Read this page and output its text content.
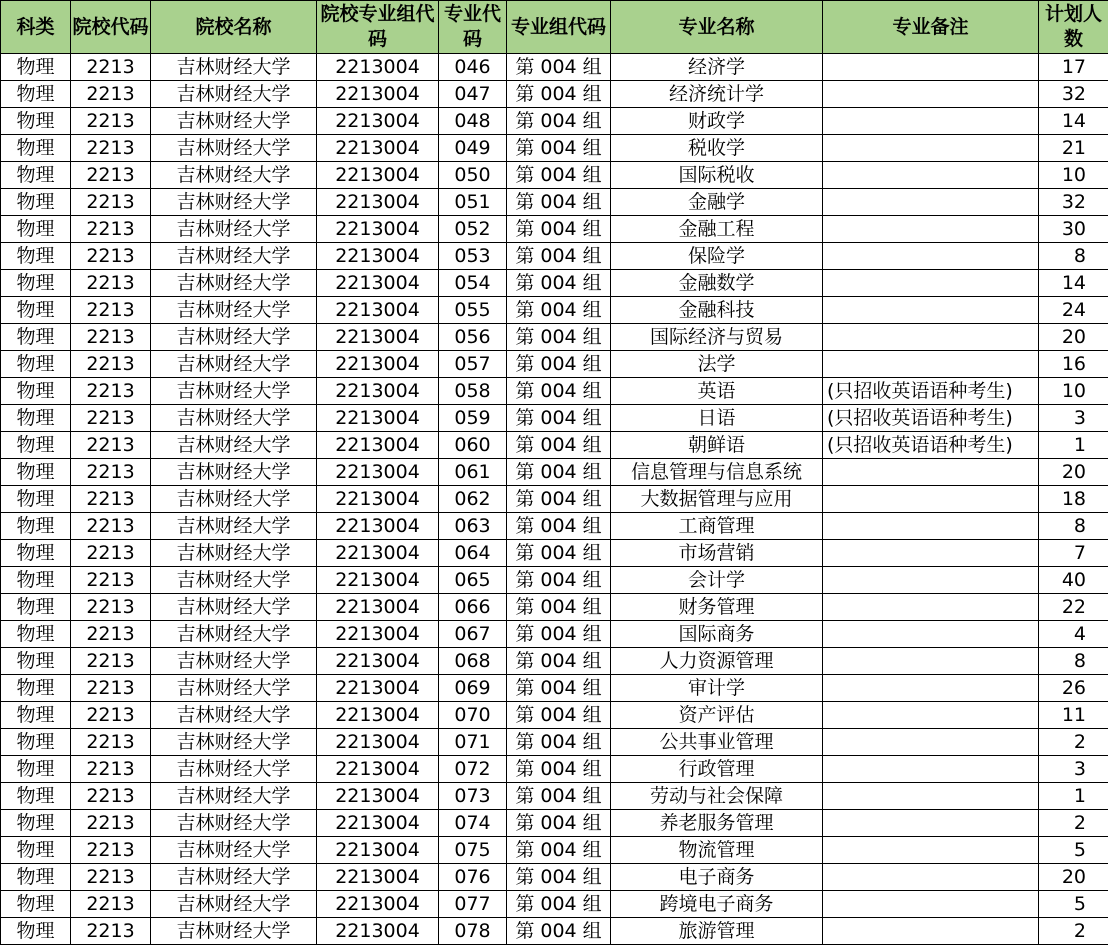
科类	院校代码	院校名称	院校专业组代码	专业代码	专业组代码	专业名称	专业备注	计划人数
物理	2213	吉林财经大学	2213004	046	第 004 组	经济学		17
物理	2213	吉林财经大学	2213004	047	第 004 组	经济统计学		32
物理	2213	吉林财经大学	2213004	048	第 004 组	财政学		14
物理	2213	吉林财经大学	2213004	049	第 004 组	税收学		21
物理	2213	吉林财经大学	2213004	050	第 004 组	国际税收		10
物理	2213	吉林财经大学	2213004	051	第 004 组	金融学		32
物理	2213	吉林财经大学	2213004	052	第 004 组	金融工程		30
物理	2213	吉林财经大学	2213004	053	第 004 组	保险学		8
物理	2213	吉林财经大学	2213004	054	第 004 组	金融数学		14
物理	2213	吉林财经大学	2213004	055	第 004 组	金融科技		24
物理	2213	吉林财经大学	2213004	056	第 004 组	国际经济与贸易		20
物理	2213	吉林财经大学	2213004	057	第 004 组	法学		16
物理	2213	吉林财经大学	2213004	058	第 004 组	英语	(只招收英语语种考生)	10
物理	2213	吉林财经大学	2213004	059	第 004 组	日语	(只招收英语语种考生)	3
物理	2213	吉林财经大学	2213004	060	第 004 组	朝鲜语	(只招收英语语种考生)	1
物理	2213	吉林财经大学	2213004	061	第 004 组	信息管理与信息系统		20
物理	2213	吉林财经大学	2213004	062	第 004 组	大数据管理与应用		18
物理	2213	吉林财经大学	2213004	063	第 004 组	工商管理		8
物理	2213	吉林财经大学	2213004	064	第 004 组	市场营销		7
物理	2213	吉林财经大学	2213004	065	第 004 组	会计学		40
物理	2213	吉林财经大学	2213004	066	第 004 组	财务管理		22
物理	2213	吉林财经大学	2213004	067	第 004 组	国际商务		4
物理	2213	吉林财经大学	2213004	068	第 004 组	人力资源管理		8
物理	2213	吉林财经大学	2213004	069	第 004 组	审计学		26
物理	2213	吉林财经大学	2213004	070	第 004 组	资产评估		11
物理	2213	吉林财经大学	2213004	071	第 004 组	公共事业管理		2
物理	2213	吉林财经大学	2213004	072	第 004 组	行政管理		3
物理	2213	吉林财经大学	2213004	073	第 004 组	劳动与社会保障		1
物理	2213	吉林财经大学	2213004	074	第 004 组	养老服务管理		2
物理	2213	吉林财经大学	2213004	075	第 004 组	物流管理		5
物理	2213	吉林财经大学	2213004	076	第 004 组	电子商务		20
物理	2213	吉林财经大学	2213004	077	第 004 组	跨境电子商务		5
物理	2213	吉林财经大学	2213004	078	第 004 组	旅游管理		2
